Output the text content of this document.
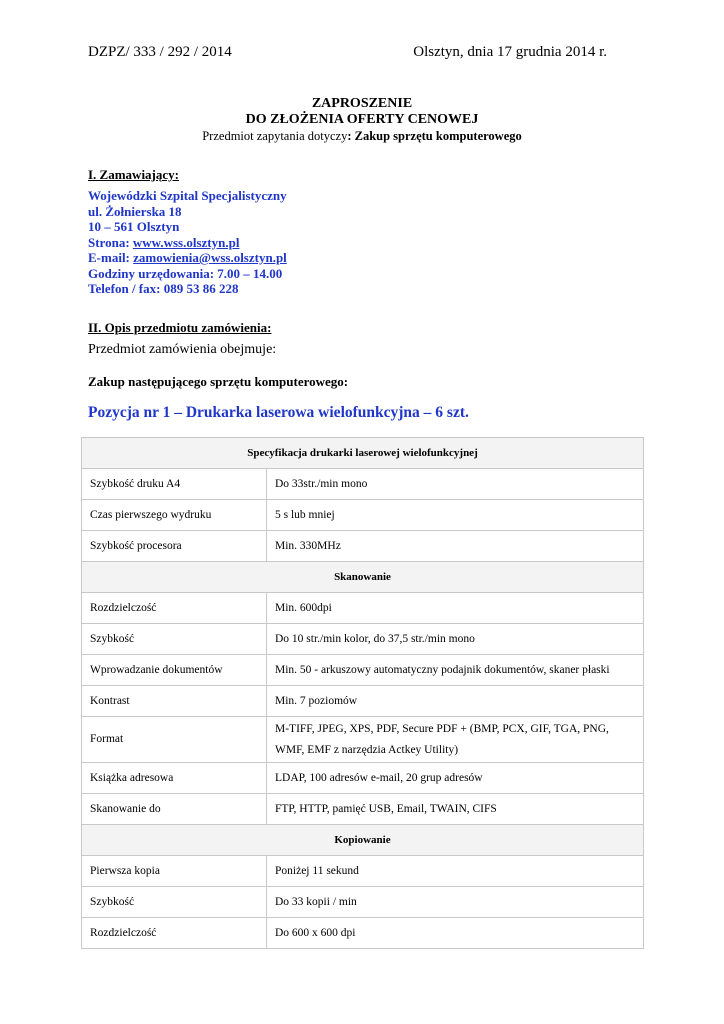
DZPZ/ 333 / 292 / 2014	Olsztyn, dnia 17 grudnia 2014 r.
ZAPROSZENIE
DO ZŁOŻENIA OFERTY CENOWEJ
Przedmiot zapytania dotyczy: Zakup sprzętu komputerowego
I. Zamawiający:
Wojewódzki Szpital Specjalistyczny
ul. Żołnierska 18
10 – 561 Olsztyn
Strona: www.wss.olsztyn.pl
E-mail: zamowienia@wss.olsztyn.pl
Godziny urzędowania: 7.00 – 14.00
Telefon / fax: 089 53 86 228
II. Opis przedmiotu zamówienia:
Przedmiot zamówienia obejmuje:
Zakup następującego sprzętu komputerowego:
Pozycja nr 1 – Drukarka laserowa wielofunkcyjna – 6 szt.
Specyfikacja drukarki laserowej wielofunkcyjnej	
Szybkość druku A4	Do 33str./min mono
Czas pierwszego wydruku	5 s lub mniej
Szybkość procesora	Min. 330MHz
Skanowanie	
Rozdzielczość	Min. 600dpi
Szybkość	Do 10 str./min kolor, do 37,5 str./min mono
Wprowadzanie dokumentów	Min. 50 - arkuszowy automatyczny podajnik dokumentów, skaner płaski
Kontrast	Min. 7 poziomów
Format	M-TIFF, JPEG, XPS, PDF, Secure PDF + (BMP, PCX, GIF, TGA, PNG, WMF, EMF z narzędzia Actkey Utility)
Książka adresowa	LDAP, 100 adresów e-mail, 20 grup adresów
Skanowanie do	FTP, HTTP, pamięć USB, Email, TWAIN, CIFS
Kopiowanie	
Pierwsza kopia	Poniżej 11 sekund
Szybkość	Do 33 kopii / min
Rozdzielczość	Do 600 x 600 dpi
